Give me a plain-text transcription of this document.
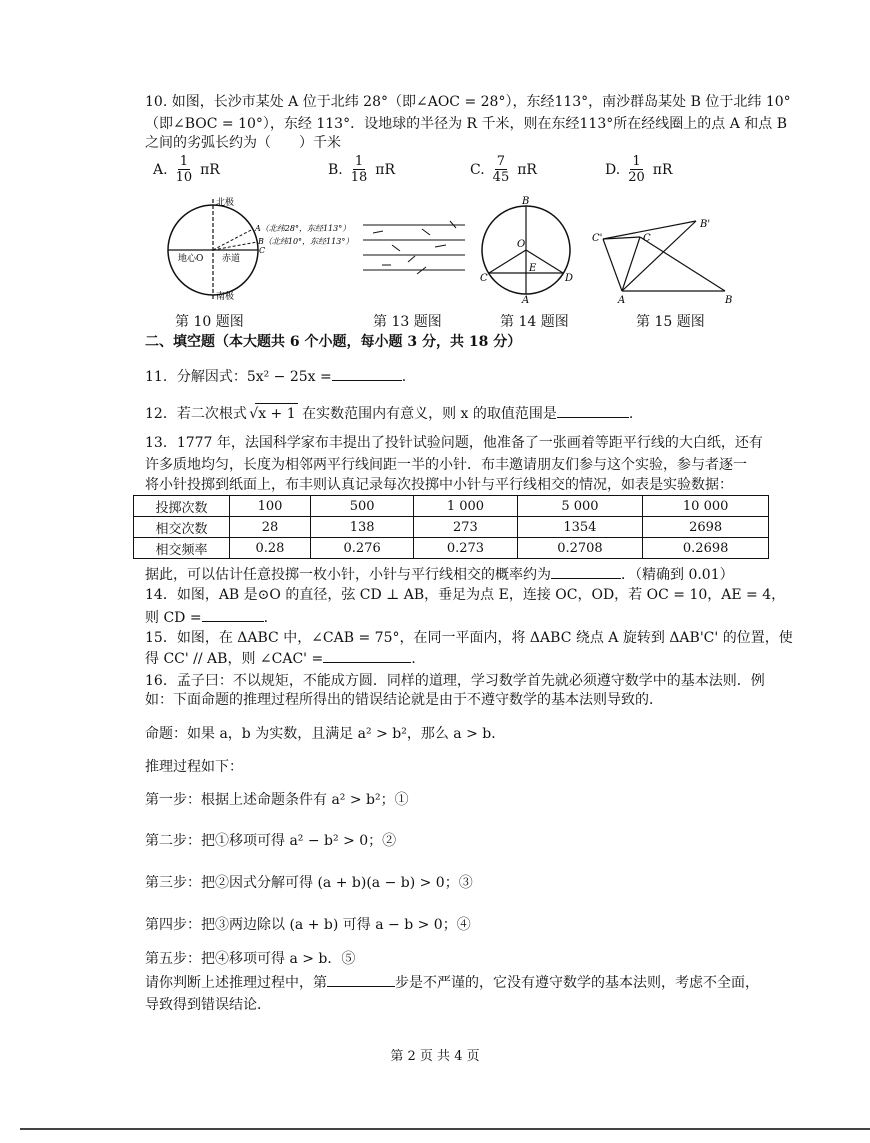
10. 如图，长沙市某处 A 位于北纬 28°（即∠AOC = 28°），东经113°，南沙群岛某处 B 位于北纬 10°
（即∠BOC = 10°），东经 113°．设地球的半径为 R 千米，则在东经113°所在经线圈上的点 A 和点 B
之间的劣弧长约为（　　）千米
A. $\frac{1}{10}$ πR	B. $\frac{1}{18}$ πR	C. $\frac{7}{45}$ πR	D. $\frac{1}{20}$ πR
北极
南极
地心O 赤道
A（北纬28°，东经113°）
B（北纬10°，东经113°）
C
B
O
E
C	D
A
C'	C
B'
A	B
第 10 题图	第 13 题图	第 14 题图	第 15 题图
二、填空题（本大题共 6 个小题，每小题 3 分，共 18 分）
11．分解因式：5x² − 25x =	.
12．若二次根式 √x + 1 在实数范围内有意义，则 x 的取值范围是	.
13．1777 年，法国科学家布丰提出了投针试验问题，他准备了一张画着等距平行线的大白纸，还有
许多质地均匀，长度为相邻两平行线间距一半的小针．布丰邀请朋友们参与这个实验，参与者逐一
将小针投掷到纸面上，布丰则认真记录每次投掷中小针与平行线相交的情况，如表是实验数据：
投掷次数	100	500	1 000	5 000	10 000
相交次数	28	138	273	1354	2698
相交频率	0.28	0.276	0.273	0.2708	0.2698
据此，可以估计任意投掷一枚小针，小针与平行线相交的概率约为	．（精确到 0.01）
14．如图，AB 是⊙O 的直径，弦 CD ⊥ AB，垂足为点 E，连接 OC，OD，若 OC = 10，AE = 4，
则 CD =	.
15．如图，在 ΔABC 中，∠CAB = 75°，在同一平面内，将 ΔABC 绕点 A 旋转到 ΔAB'C' 的位置，使
得 CC' // AB，则 ∠CAC' =	.
16．孟子曰：不以规矩，不能成方圆．同样的道理，学习数学首先就必须遵守数学中的基本法则．例
如：下面命题的推理过程所得出的错误结论就是由于不遵守数学的基本法则导致的．
命题：如果 a，b 为实数，且满足 a² > b²，那么 a > b．
推理过程如下：
第一步：根据上述命题条件有 a² > b²；①
第二步：把①移项可得 a² − b² > 0；②
第三步：把②因式分解可得 (a + b)(a − b) > 0；③
第四步：把③两边除以 (a + b) 可得 a − b > 0；④
第五步：把④移项可得 a > b．⑤
请你判断上述推理过程中，第	步是不严谨的，它没有遵守数学的基本法则，考虑不全面，
导致得到错误结论．
第 2 页 共 4 页
